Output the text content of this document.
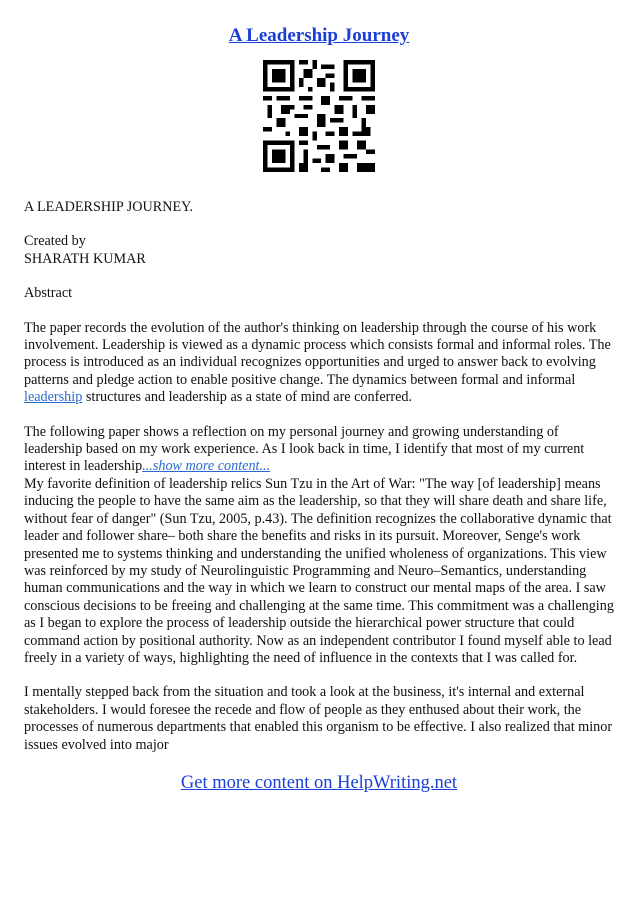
A Leadership Journey

A LEADERSHIP JOURNEY.

Created by
SHARATH KUMAR

Abstract

The paper records the evolution of the author's thinking on leadership through the course of his work involvement. Leadership is viewed as a dynamic process which consists formal and informal roles. The process is introduced as an individual recognizes opportunities and urged to answer back to evolving patterns and pledge action to enable positive change. The dynamics between formal and informal leadership structures and leadership as a state of mind are conferred.

The following paper shows a reflection on my personal journey and growing understanding of leadership based on my work experience. As I look back in time, I identify that most of my current interest in leadership...show more content...

My favorite definition of leadership relics Sun Tzu in the Art of War: "The way [of leadership] means inducing the people to have the same aim as the leadership, so that they will share death and share life, without fear of danger" (Sun Tzu, 2005, p.43). The definition recognizes the collaborative dynamic that leader and follower share– both share the benefits and risks in its pursuit. Moreover, Senge's work presented me to systems thinking and understanding the unified wholeness of organizations. This view was reinforced by my study of Neurolinguistic Programming and Neuro–Semantics, understanding human communications and the way in which we learn to construct our mental maps of the area. I saw conscious decisions to be freeing and challenging at the same time. This commitment was a challenging as I began to explore the process of leadership outside the hierarchical power structure that could command action by positional authority. Now as an independent contributor I found myself able to lead freely in a variety of ways, highlighting the need of influence in the contexts that I was called for.

I mentally stepped back from the situation and took a look at the business, it's internal and external stakeholders. I would foresee the recede and flow of people as they enthused about their work, the processes of numerous departments that enabled this organism to be effective. I also realized that minor issues evolved into major

Get more content on HelpWriting.net
